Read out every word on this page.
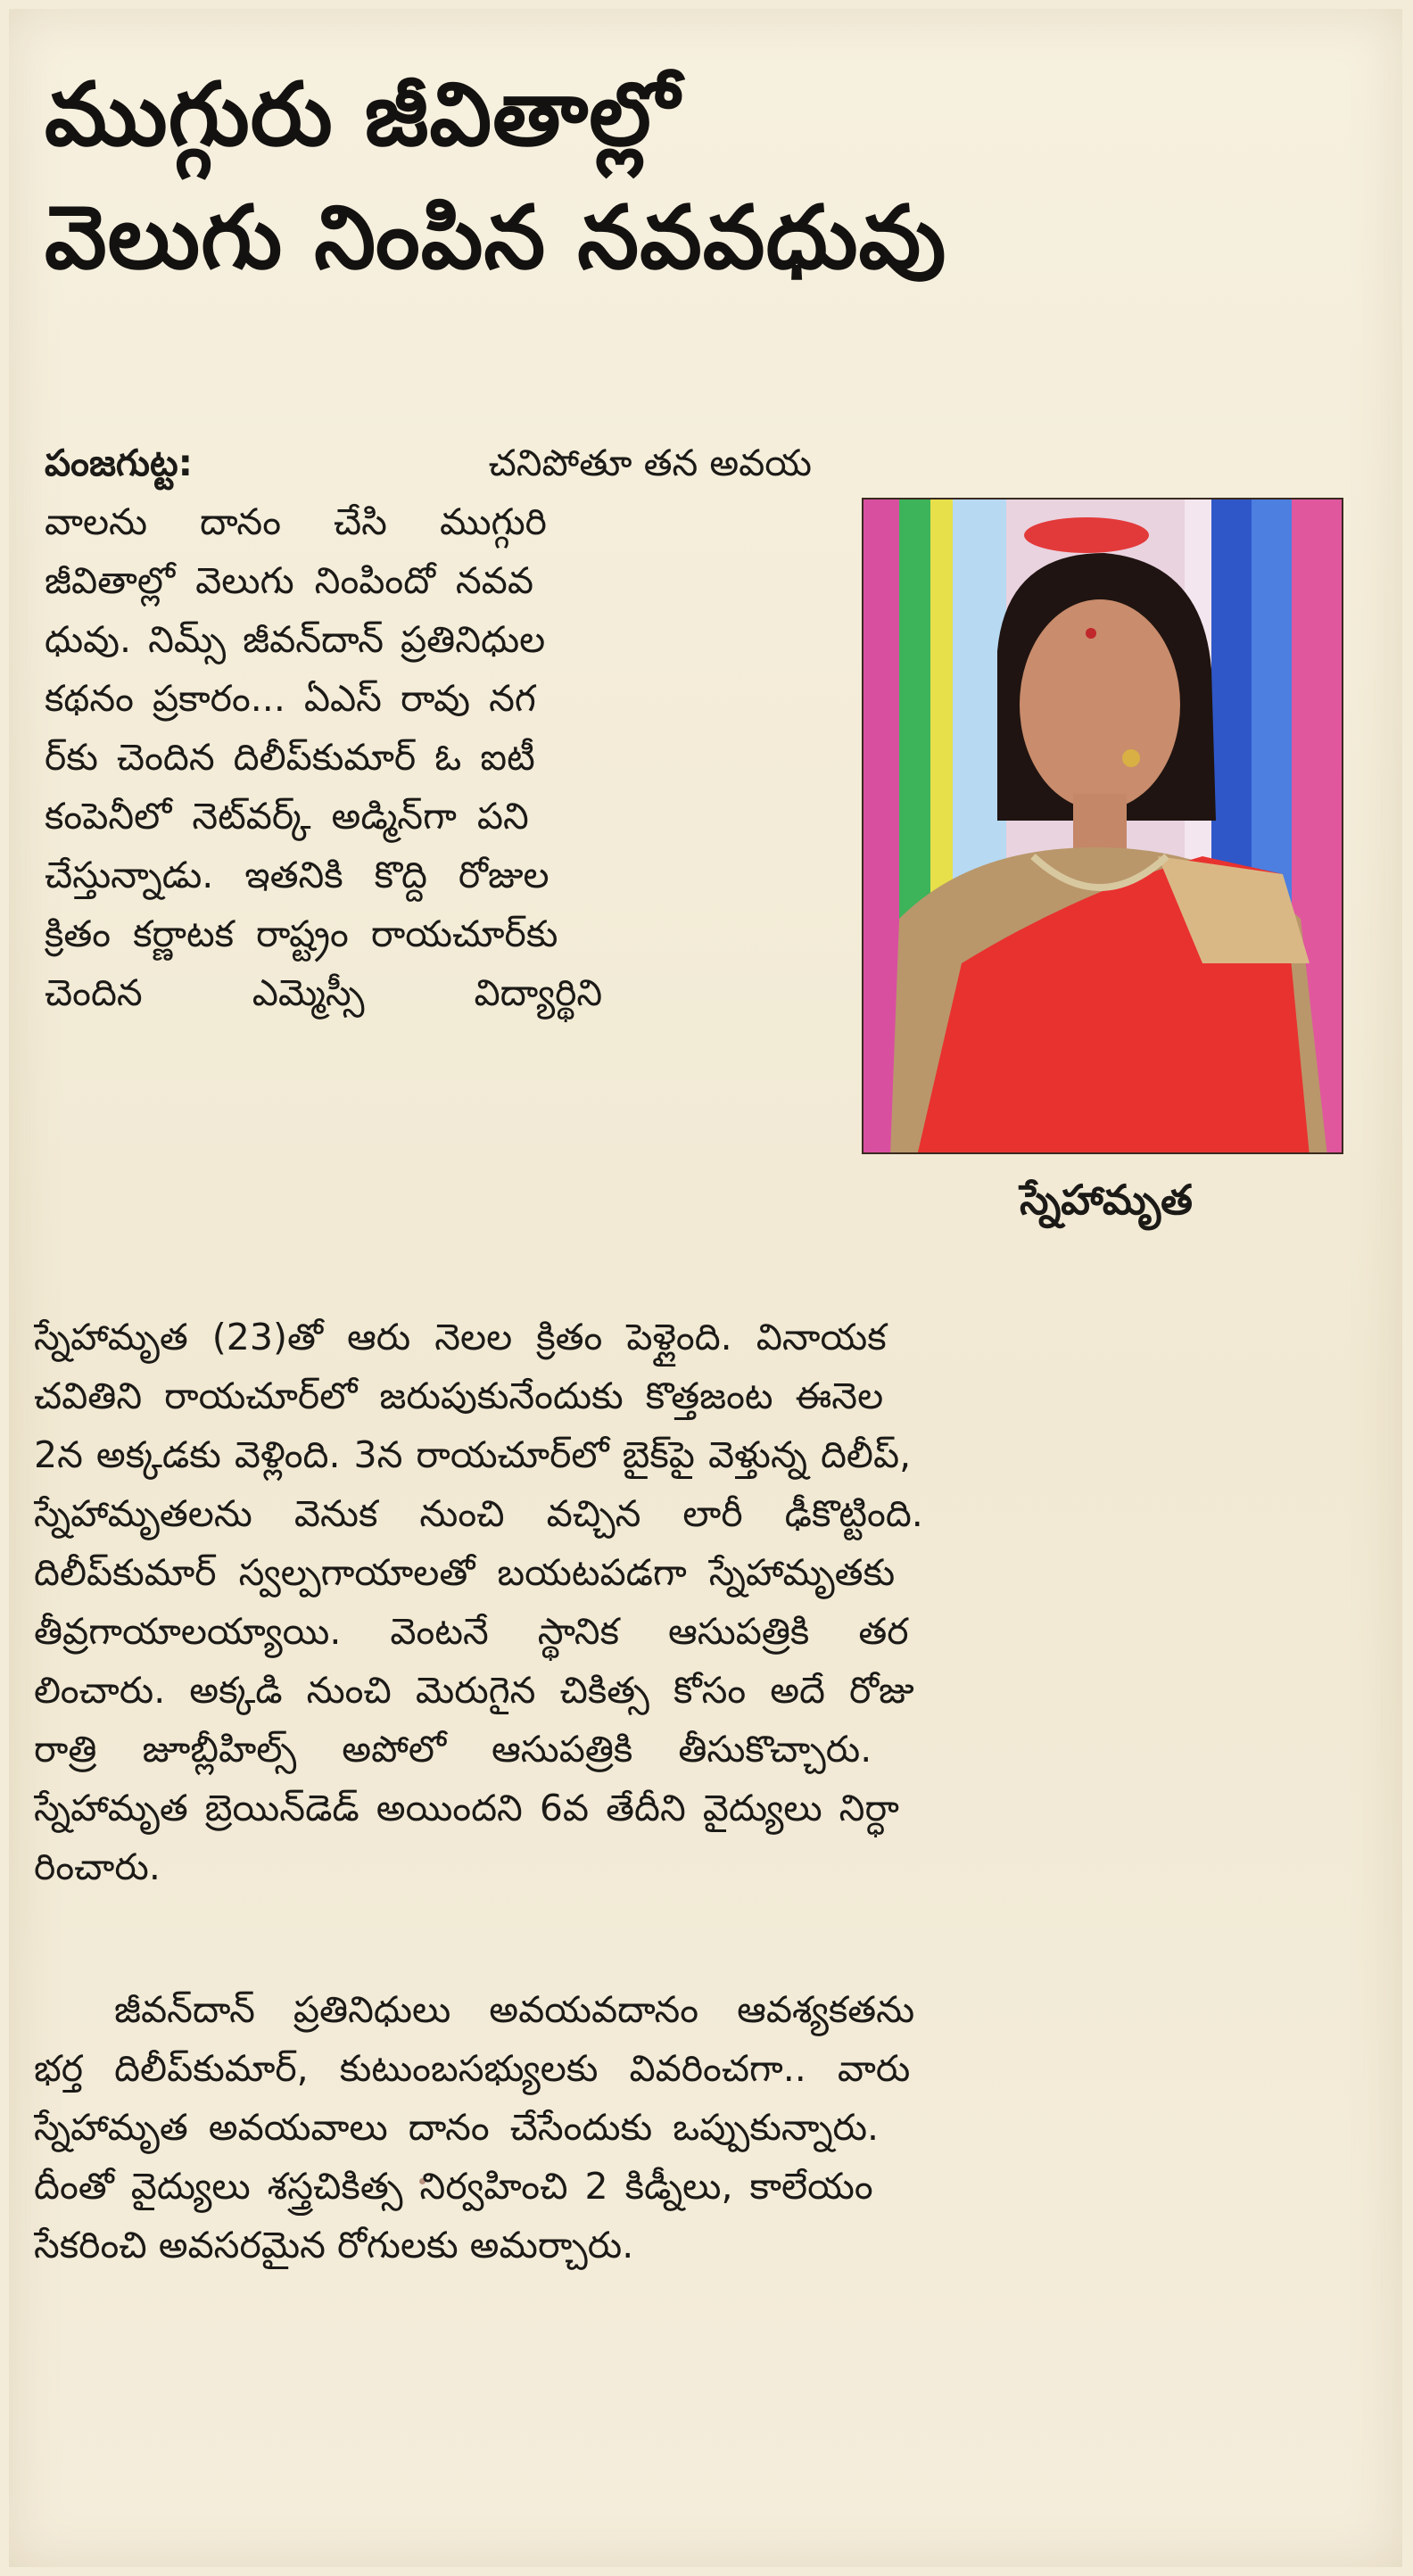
ముగ్గురు జీవితాల్లో
వెలుగు నింపిన నవవధువు
పంజగుట్ట:	చనిపోతూ తన అవయ
వాలను దానం చేసి ముగ్గురి
జీవితాల్లో వెలుగు నింపిందో నవవ
ధువు. నిమ్స్ జీవన్‌దాన్ ప్రతినిధుల
కథనం ప్రకారం... ఏఎస్ రావు నగ
ర్‌కు చెందిన దిలీప్‌కుమార్ ఓ ఐటీ
కంపెనీలో నెట్‌వర్క్ అడ్మిన్‌గా పని
చేస్తున్నాడు. ఇతనికి కొద్ది రోజుల
క్రితం కర్ణాటక రాష్ట్రం రాయచూర్‌కు
చెందిన ఎమ్మెస్సీ విద్యార్థిని
స్నేహామృత
స్నేహామృత (23)తో ఆరు నెలల క్రితం పెళ్లైంది. వినాయక
చవితిని రాయచూర్‌లో జరుపుకునేందుకు కొత్తజంట ఈనెల
2న అక్కడకు వెళ్లింది. 3న రాయచూర్‌లో బైక్‌పై వెళ్తున్న దిలీప్,
స్నేహామృతలను వెనుక నుంచి వచ్చిన లారీ ఢీకొట్టింది.
దిలీప్‌కుమార్ స్వల్పగాయాలతో బయటపడగా స్నేహామృతకు
తీవ్రగాయాలయ్యాయి. వెంటనే స్థానిక ఆసుపత్రికి తర
లించారు. అక్కడి నుంచి మెరుగైన చికిత్స కోసం అదే రోజు
రాత్రి జూబ్లీహిల్స్ అపోలో ఆసుపత్రికి తీసుకొచ్చారు.
స్నేహామృత బ్రెయిన్‌డెడ్ అయిందని 6వ తేదీని వైద్యులు నిర్ధా
రించారు.
జీవన్‌దాన్ ప్రతినిధులు అవయవదానం ఆవశ్యకతను
భర్త దిలీప్‌కుమార్, కుటుంబసభ్యులకు వివరించగా.. వారు
స్నేహామృత అవయవాలు దానం చేసేందుకు ఒప్పుకున్నారు.
దీంతో వైద్యులు శస్త్రచికిత్స నిర్వహించి 2 కిడ్నీలు, కాలేయం
సేకరించి అవసరమైన రోగులకు అమర్చారు.
